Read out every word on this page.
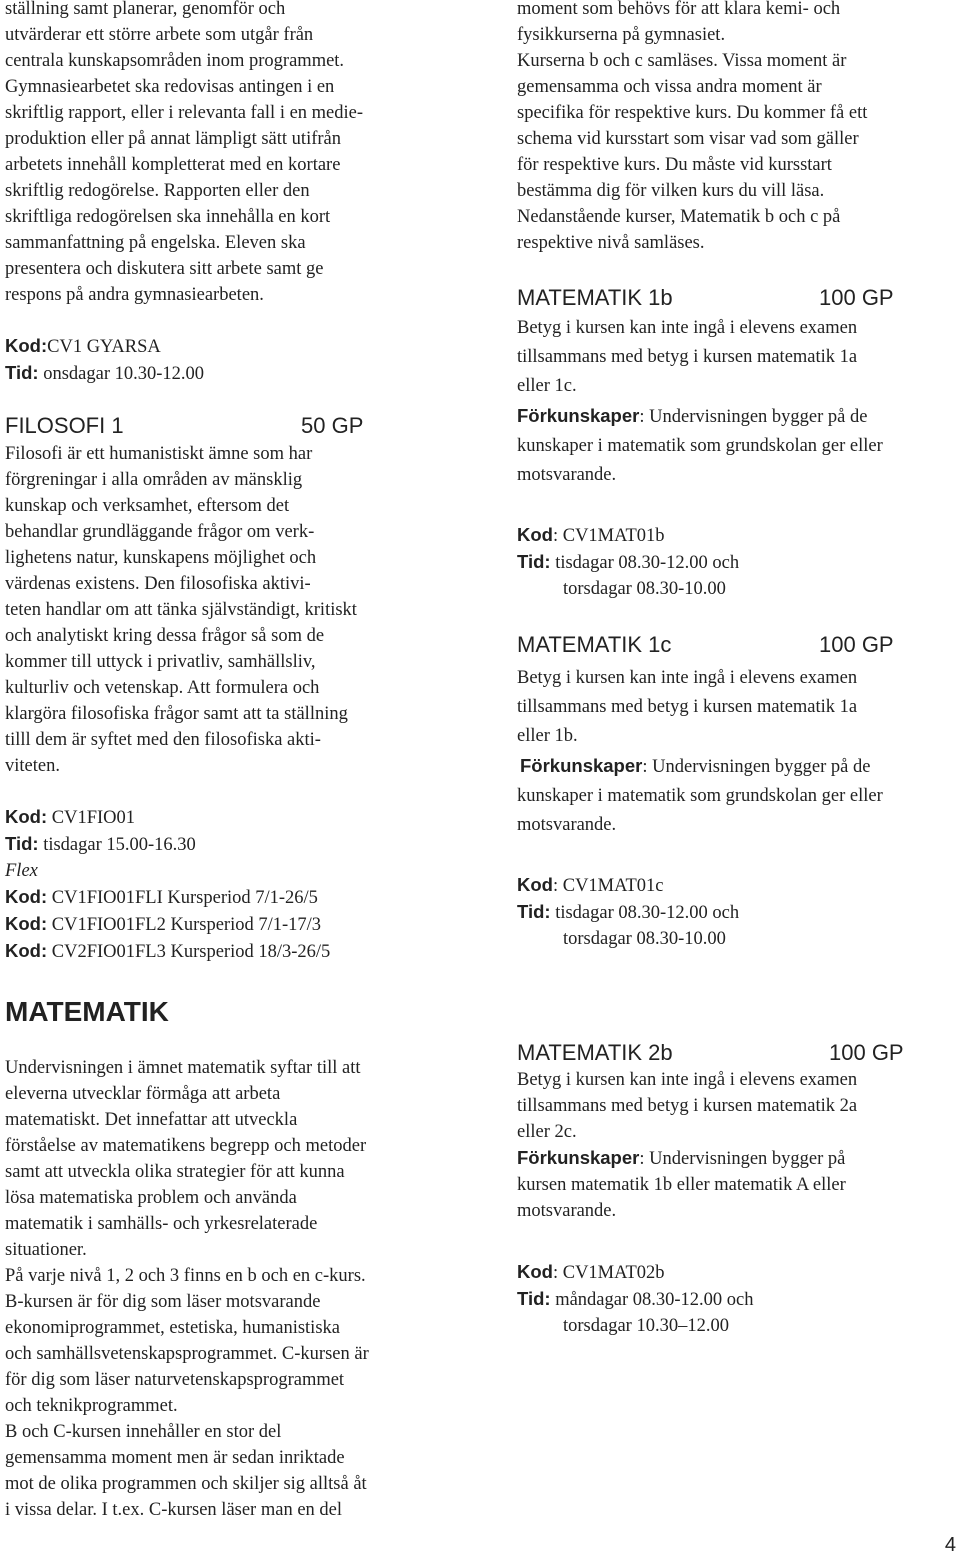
ställning samt planerar, genomför och
utvärderar ett större arbete som utgår från
centrala kunskapsområden inom programmet.
Gymnasiearbetet ska redovisas antingen i en
skriftlig rapport, eller i relevanta fall i en medie-
produktion eller på annat lämpligt sätt utifrån
arbetets innehåll kompletterat med en kortare
skriftlig redogörelse. Rapporten eller den
skriftliga redogörelsen ska innehålla en kort
sammanfattning på engelska. Eleven ska
presentera och diskutera sitt arbete samt ge
respons på andra gymnasiearbeten.
Kod:CV1 GYARSA
Tid: onsdagar 10.30-12.00
FILOSOFI 1	50 GP
Filosofi är ett humanistiskt ämne som har
förgreningar i alla områden av mänsklig
kunskap och verksamhet, eftersom det
behandlar grundläggande frågor om verk-
lighetens natur, kunskapens möjlighet och
värdenas existens. Den filosofiska aktivi-
teten handlar om att tänka självständigt, kritiskt
och analytiskt kring dessa frågor så som de
kommer till uttyck i privatliv, samhällsliv,
kulturliv och vetenskap. Att formulera och
klargöra filosofiska frågor samt att ta ställning
tilll dem är syftet med den filosofiska akti-
viteten.
Kod: CV1FIO01
Tid: tisdagar 15.00-16.30
Flex
Kod: CV1FIO01FLI Kursperiod 7/1-26/5
Kod: CV1FIO01FL2 Kursperiod 7/1-17/3
Kod: CV2FIO01FL3 Kursperiod 18/3-26/5
MATEMATIK
Undervisningen i ämnet matematik syftar till att
eleverna utvecklar förmåga att arbeta
matematiskt. Det innefattar att utveckla
förståelse av matematikens begrepp och metoder
samt att utveckla olika strategier för att kunna
lösa matematiska problem och använda
matematik i samhälls- och yrkesrelaterade
situationer.
På varje nivå 1, 2 och 3 finns en b och en c-kurs.
B-kursen är för dig som läser motsvarande
ekonomiprogrammet, estetiska, humanistiska
och samhällsvetenskapsprogrammet. C-kursen är
för dig som läser naturvetenskapsprogrammet
och teknikprogrammet.
B och C-kursen innehåller en stor del
gemensamma moment men är sedan inriktade
mot de olika programmen och skiljer sig alltså åt
i vissa delar. I t.ex. C-kursen läser man en del
moment som behövs för att klara kemi- och
fysikkurserna på gymnasiet.
Kurserna b och c samläses. Vissa moment är
gemensamma och vissa andra moment är
specifika för respektive kurs. Du kommer få ett
schema vid kursstart som visar vad som gäller
för respektive kurs. Du måste vid kursstart
bestämma dig för vilken kurs du vill läsa.
Nedanstående kurser, Matematik b och c på
respektive nivå samläses.
MATEMATIK 1b	100 GP
Betyg i kursen kan inte ingå i elevens examen
tillsammans med betyg i kursen matematik 1a
eller 1c.
Förkunskaper: Undervisningen bygger på de
kunskaper i matematik som grundskolan ger eller
motsvarande.
Kod: CV1MAT01b
Tid: tisdagar 08.30-12.00 och
torsdagar 08.30-10.00
MATEMATIK 1c	100 GP
Betyg i kursen kan inte ingå i elevens examen
tillsammans med betyg i kursen matematik 1a
eller 1b.
Förkunskaper: Undervisningen bygger på de
kunskaper i matematik som grundskolan ger eller
motsvarande.
Kod: CV1MAT01c
Tid: tisdagar 08.30-12.00 och
torsdagar 08.30-10.00
MATEMATIK 2b	100 GP
Betyg i kursen kan inte ingå i elevens examen
tillsammans med betyg i kursen matematik 2a
eller 2c.
Förkunskaper: Undervisningen bygger på
kursen matematik 1b eller matematik A eller
motsvarande.
Kod: CV1MAT02b
Tid: måndagar 08.30-12.00 och
torsdagar 10.30–12.00
4
